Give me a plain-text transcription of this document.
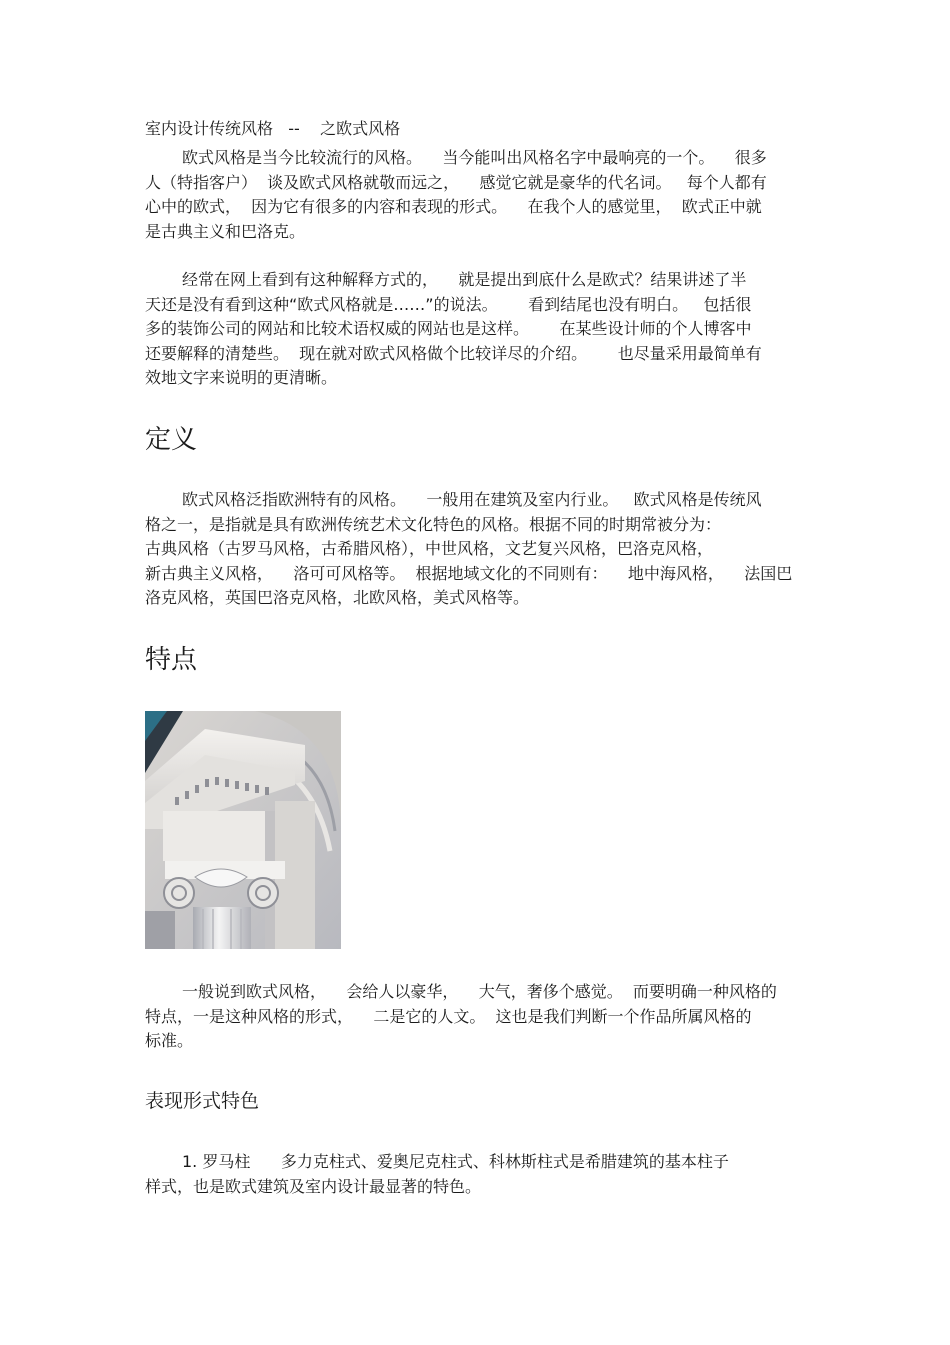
室内设计传统风格   --    之欧式风格
欧式风格是当今比较流行的风格。    当今能叫出风格名字中最响亮的一个。    很多
人（特指客户）  谈及欧式风格就敬而远之，    感觉它就是豪华的代名词。   每个人都有
心中的欧式，  因为它有很多的内容和表现的形式。    在我个人的感觉里，  欧式正中就
是古典主义和巴洛克。
经常在网上看到有这种解释方式的，    就是提出到底什么是欧式？结果讲述了半
天还是没有看到这种“欧式风格就是……”的说法。      看到结尾也没有明白。   包括很
多的装饰公司的网站和比较术语权威的网站也是这样。      在某些设计师的个人博客中
还要解释的清楚些。  现在就对欧式风格做个比较详尽的介绍。      也尽量采用最简单有
效地文字来说明的更清晰。
定义
欧式风格泛指欧洲特有的风格。    一般用在建筑及室内行业。   欧式风格是传统风
格之一，是指就是具有欧洲传统艺术文化特色的风格。根据不同的时期常被分为：
古典风格（古罗马风格，古希腊风格），中世风格，文艺复兴风格，巴洛克风格，
新古典主义风格，    洛可可风格等。  根据地域文化的不同则有：    地中海风格，    法国巴
洛克风格，英国巴洛克风格，北欧风格，美式风格等。
特点
一般说到欧式风格，    会给人以豪华，    大气，奢侈个感觉。  而要明确一种风格的
特点，一是这种风格的形式，    二是它的人文。  这也是我们判断一个作品所属风格的
标准。
表现形式特色
1. 罗马柱      多力克柱式、爱奥尼克柱式、科林斯柱式是希腊建筑的基本柱子
样式，也是欧式建筑及室内设计最显著的特色。
